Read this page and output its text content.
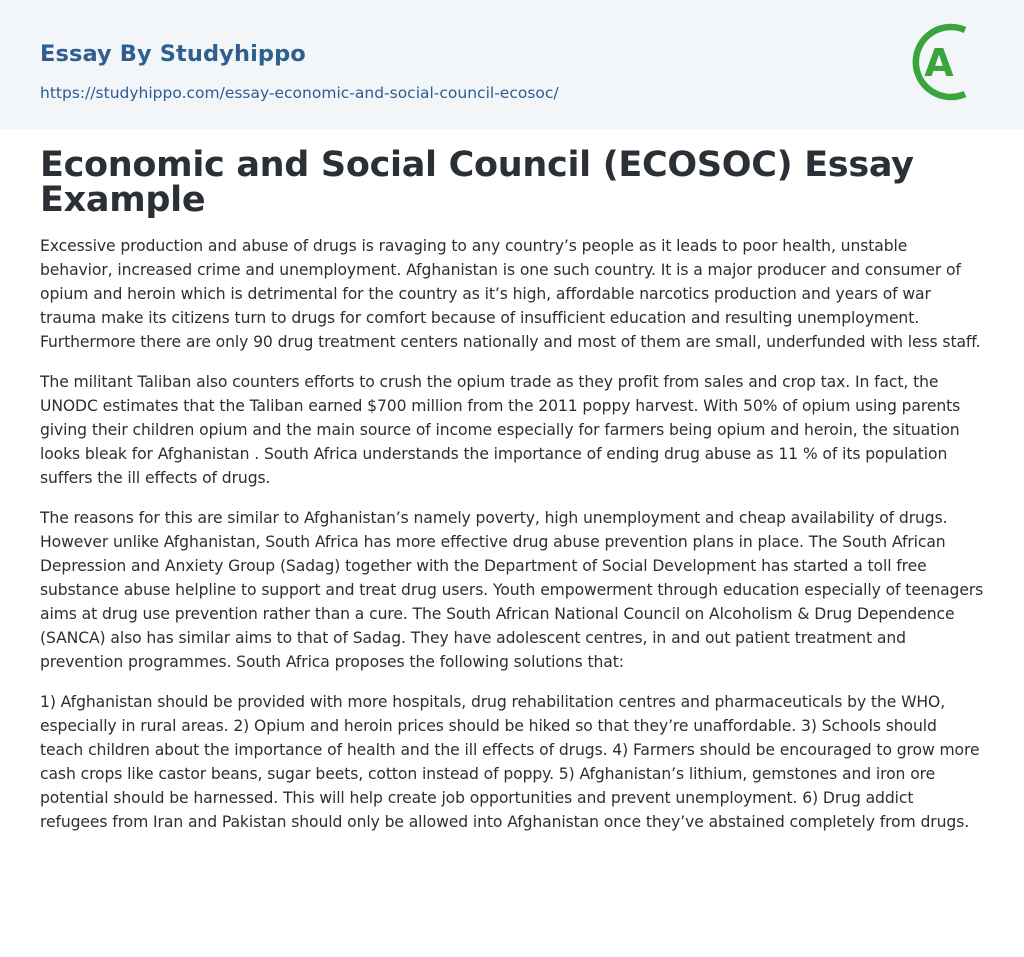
Essay By Studyhippo
https://studyhippo.com/essay-economic-and-social-council-ecosoc/
A
Economic and Social Council (ECOSOC) Essay Example

Excessive production and abuse of drugs is ravaging to any country’s people as it leads to poor health, unstable behavior, increased crime and unemployment. Afghanistan is one such country. It is a major producer and consumer of opium and heroin which is detrimental for the country as it’s high, affordable narcotics production and years of war trauma make its citizens turn to drugs for comfort because of insufficient education and resulting unemployment. Furthermore there are only 90 drug treatment centers nationally and most of them are small, underfunded with less staff.

The militant Taliban also counters efforts to crush the opium trade as they profit from sales and crop tax. In fact, the UNODC estimates that the Taliban earned $700 million from the 2011 poppy harvest. With 50% of opium using parents giving their children opium and the main source of income especially for farmers being opium and heroin, the situation looks bleak for Afghanistan . South Africa understands the importance of ending drug abuse as 11 % of its population suffers the ill effects of drugs.

The reasons for this are similar to Afghanistan’s namely poverty, high unemployment and cheap availability of drugs. However unlike Afghanistan, South Africa has more effective drug abuse prevention plans in place. The South African Depression and Anxiety Group (Sadag) together with the Department of Social Development has started a toll free substance abuse helpline to support and treat drug users. Youth empowerment through education especially of teenagers aims at drug use prevention rather than a cure. The South African National Council on Alcoholism & Drug Dependence (SANCA) also has similar aims to that of Sadag. They have adolescent centres, in and out patient treatment and prevention programmes. South Africa proposes the following solutions that:

1) Afghanistan should be provided with more hospitals, drug rehabilitation centres and pharmaceuticals by the WHO, especially in rural areas. 2) Opium and heroin prices should be hiked so that they’re unaffordable. 3) Schools should teach children about the importance of health and the ill effects of drugs. 4) Farmers should be encouraged to grow more cash crops like castor beans, sugar beets, cotton instead of poppy. 5) Afghanistan’s lithium, gemstones and iron ore potential should be harnessed. This will help create job opportunities and prevent unemployment. 6) Drug addict refugees from Iran and Pakistan should only be allowed into Afghanistan once they’ve abstained completely from drugs.
